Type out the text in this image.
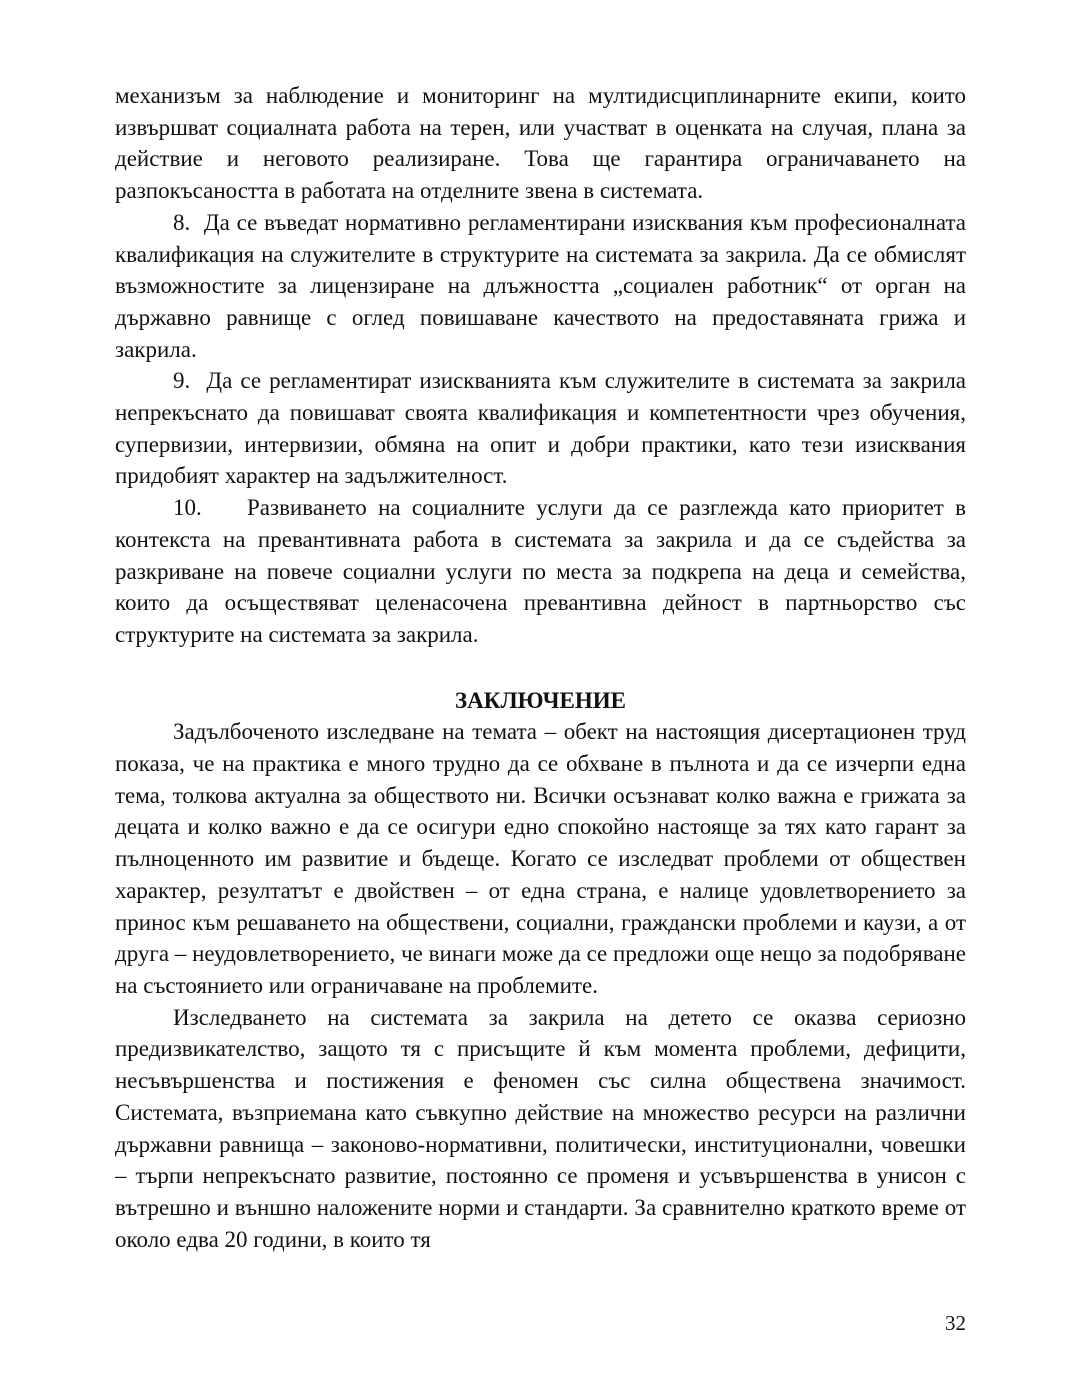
механизъм за наблюдение и мониторинг на мултидисциплинарните екипи, които извършват социалната работа на терен, или участват в оценката на случая, плана за действие и неговото реализиране. Това ще гарантира ограничаването на разпокъсаността в работата на отделните звена в системата.

8.  Да се въведат нормативно регламентирани изисквания към професионалната квалификация на служителите в структурите на системата за закрила. Да се обмислят възможностите за лицензиране на длъжността „социален работник“ от орган на държавно равнище с оглед повишаване качеството на предоставяната грижа и закрила.

9.  Да се регламентират изискванията към служителите в системата за закрила непрекъснато да повишават своята квалификация и компетентности чрез обучения, супервизии, интервизии, обмяна на опит и добри практики, като тези изисквания придобият характер на задължителност.

10.    Развиването на социалните услуги да се разглежда като приоритет в контекста на превантивната работа в системата за закрила и да се съдейства за разкриване на повече социални услуги по места за подкрепа на деца и семейства, които да осъществяват целенасочена превантивна дейност в партньорство със структурите на системата за закрила.

ЗАКЛЮЧЕНИЕ

Задълбоченото изследване на темата – обект на настоящия дисертационен труд показа, че на практика е много трудно да се обхване в пълнота и да се изчерпи една тема, толкова актуална за обществото ни. Всички осъзнават колко важна е грижата за децата и колко важно е да се осигури едно спокойно настояще за тях като гарант за пълноценното им развитие и бъдеще. Когато се изследват проблеми от обществен характер, резултатът е двойствен – от една страна, е налице удовлетворението за принос към решаването на обществени, социални, граждански проблеми и каузи, а от друга – неудовлетворението, че винаги може да се предложи още нещо за подобряване на състоянието или ограничаване на проблемите.

Изследването на системата за закрила на детето се оказва сериозно предизвикателство, защото тя с присъщите й към момента проблеми, дефицити, несъвършенства и постижения е феномен със силна обществена значимост. Системата, възприемана като съвкупно действие на множество ресурси на различни държавни равнища – законово-нормативни, политически, институционални, човешки – търпи непрекъснато развитие, постоянно се променя и усъвършенства в унисон с вътрешно и външно наложените норми и стандарти. За сравнително краткото време от около едва 20 години, в които тя

32
